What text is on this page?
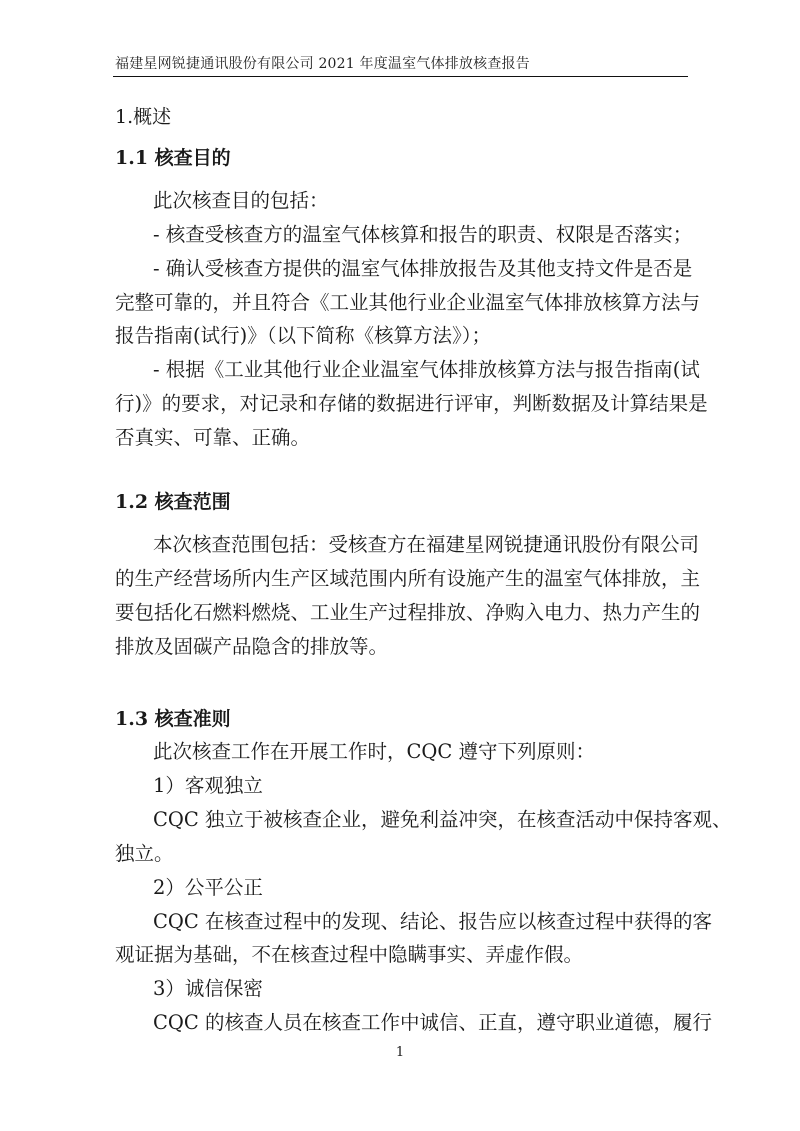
福建星网锐捷通讯股份有限公司 2021 年度温室气体排放核查报告
1.概述
1.1 核查目的
此次核查目的包括：
- 核查受核查方的温室气体核算和报告的职责、权限是否落实；
- 确认受核查方提供的温室气体排放报告及其他支持文件是否是
完整可靠的，并且符合《工业其他行业企业温室气体排放核算方法与
报告指南(试行)》（以下简称《核算方法》）；
- 根据《工业其他行业企业温室气体排放核算方法与报告指南(试
行)》的要求，对记录和存储的数据进行评审，判断数据及计算结果是
否真实、可靠、正确。
1.2 核查范围
本次核查范围包括：受核查方在福建星网锐捷通讯股份有限公司
的生产经营场所内生产区域范围内所有设施产生的温室气体排放，主
要包括化石燃料燃烧、工业生产过程排放、净购入电力、热力产生的
排放及固碳产品隐含的排放等。
1.3 核查准则
此次核查工作在开展工作时，CQC 遵守下列原则：
1）客观独立
CQC 独立于被核查企业，避免利益冲突，在核查活动中保持客观、
独立。
2）公平公正
CQC 在核查过程中的发现、结论、报告应以核查过程中获得的客
观证据为基础，不在核查过程中隐瞒事实、弄虚作假。
3）诚信保密
CQC 的核查人员在核查工作中诚信、正直，遵守职业道德，履行
1
